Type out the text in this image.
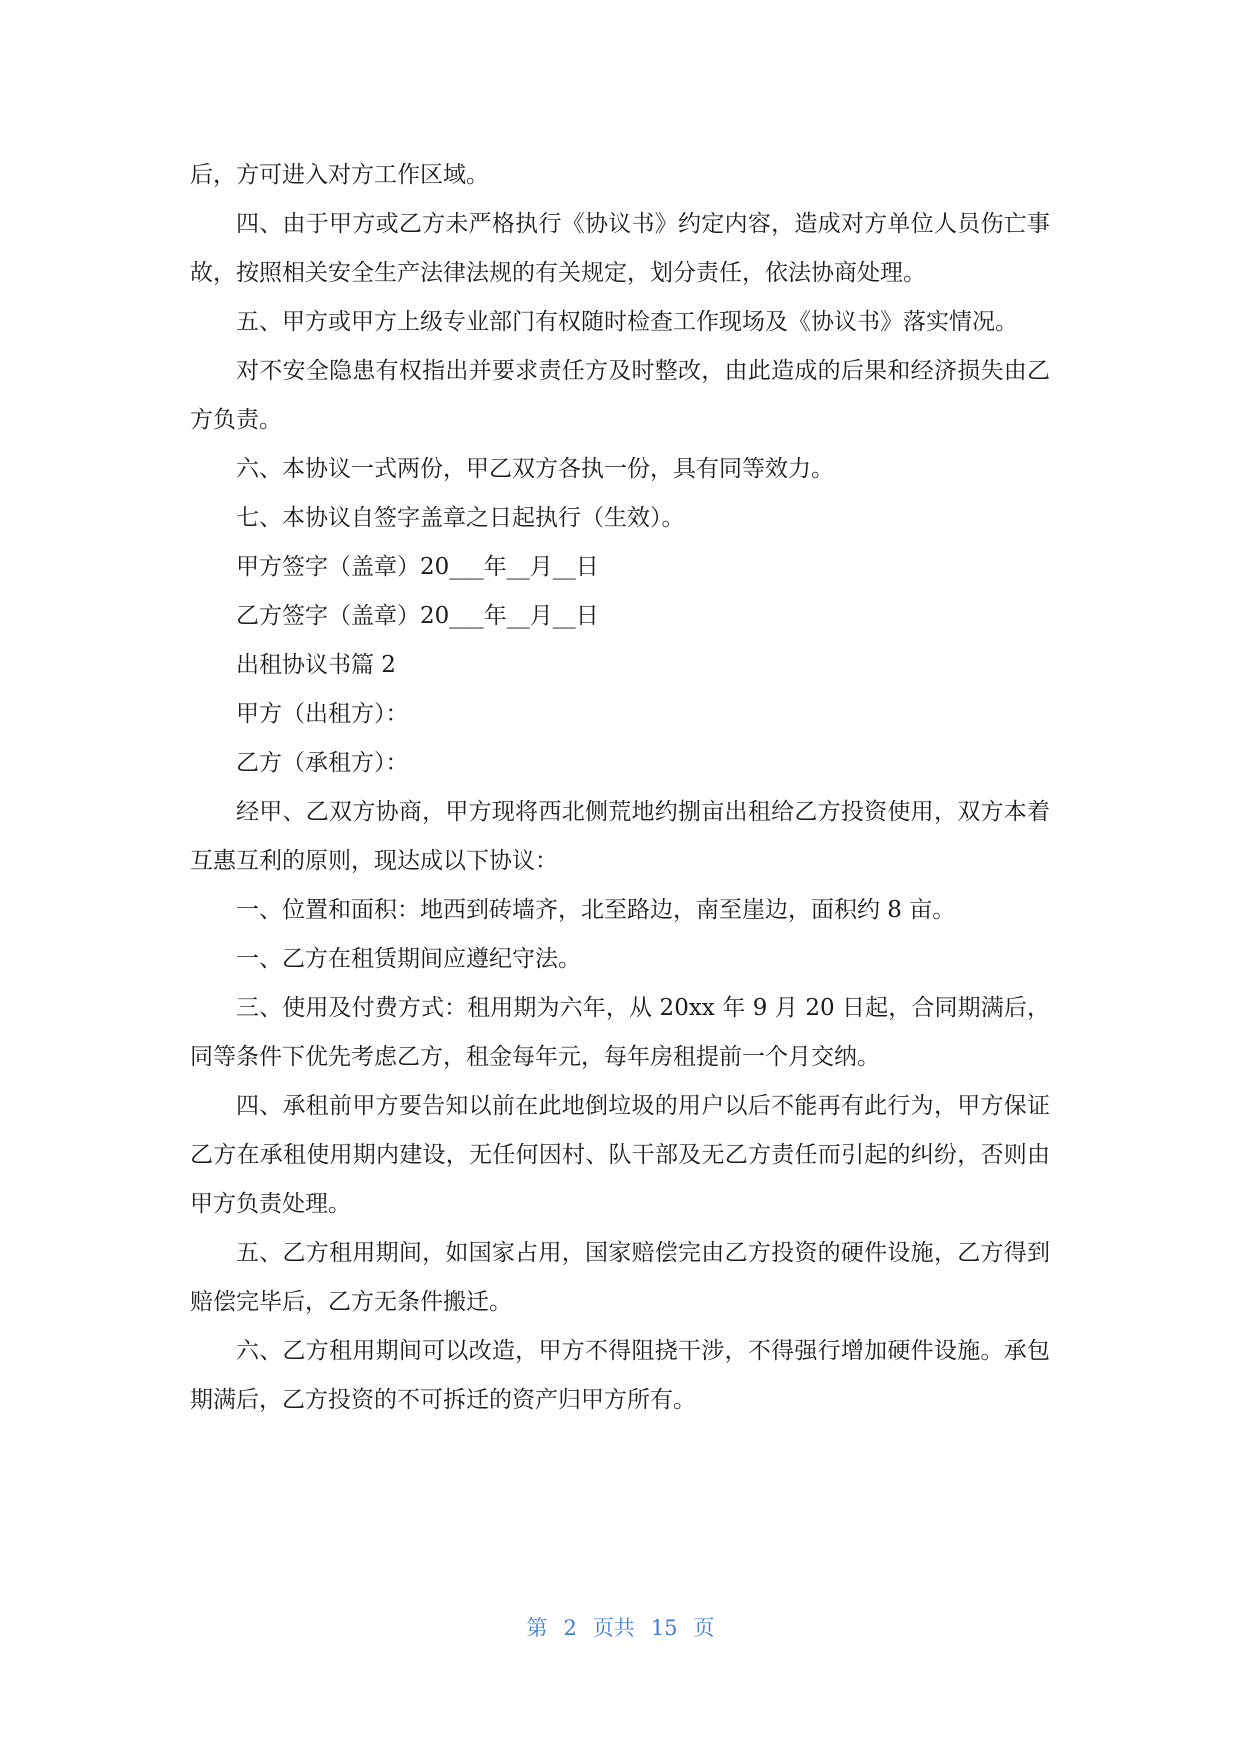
后，方可进入对方工作区域。

四、由于甲方或乙方未严格执行《协议书》约定内容，造成对方单位人员伤亡事故，按照相关安全生产法律法规的有关规定，划分责任，依法协商处理。

五、甲方或甲方上级专业部门有权随时检查工作现场及《协议书》落实情况。

对不安全隐患有权指出并要求责任方及时整改，由此造成的后果和经济损失由乙方负责。

六、本协议一式两份，甲乙双方各执一份，具有同等效力。

七、本协议自签字盖章之日起执行（生效）。

甲方签字（盖章）20___年__月__日

乙方签字（盖章）20___年__月__日

出租协议书篇 2

甲方（出租方）：

乙方（承租方）：

经甲、乙双方协商，甲方现将西北侧荒地约捌亩出租给乙方投资使用，双方本着互惠互利的原则，现达成以下协议：

一、位置和面积：地西到砖墙齐，北至路边，南至崖边，面积约 8 亩。

一、乙方在租赁期间应遵纪守法。

三、使用及付费方式：租用期为六年，从 20xx 年 9 月 20 日起，合同期满后，同等条件下优先考虑乙方，租金每年元，每年房租提前一个月交纳。

四、承租前甲方要告知以前在此地倒垃圾的用户以后不能再有此行为，甲方保证乙方在承租使用期内建设，无任何因村、队干部及无乙方责任而引起的纠纷，否则由甲方负责处理。

五、乙方租用期间，如国家占用，国家赔偿完由乙方投资的硬件设施，乙方得到赔偿完毕后，乙方无条件搬迁。

六、乙方租用期间可以改造，甲方不得阻挠干涉，不得强行增加硬件设施。承包期满后，乙方投资的不可拆迁的资产归甲方所有。

第 2 页共 15 页
